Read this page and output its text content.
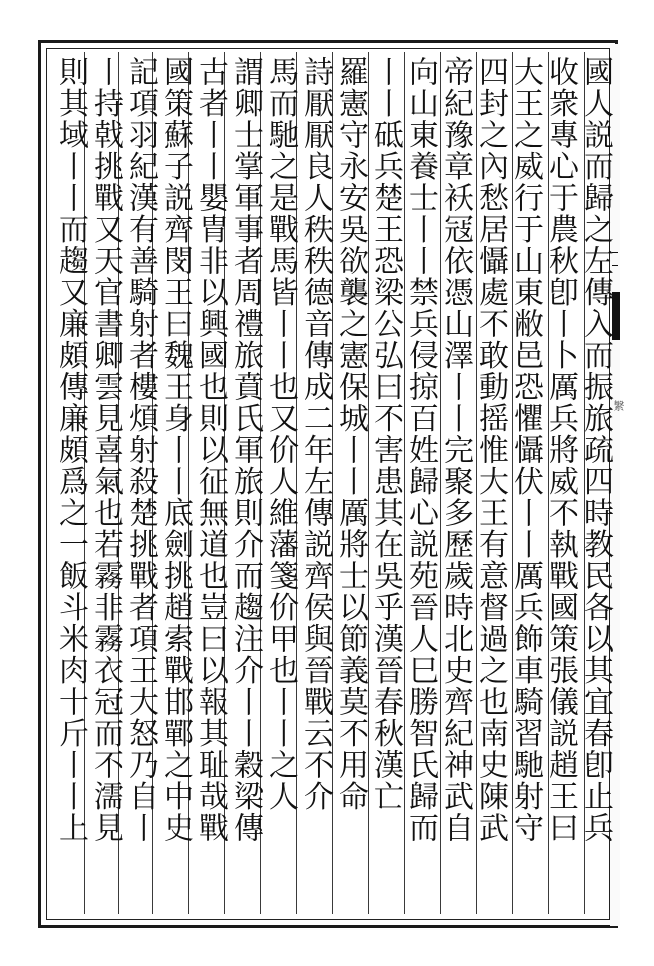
國人説而歸之左傳入而振旅疏四時教民各以其宜春卽止兵
收衆專心于農秋卽丨卜厲兵將威不執戰國策張儀説趙王曰
大王之威行于山東敝邑恐懼懾伏丨丨厲兵飾車騎習馳射守
四封之內愁居懾處不敢動摇惟大王有意督過之也南史陳武
帝紀豫章袄冦依憑山澤丨丨完聚多歷歲時北史齊紀神武自
向山東養士丨丨禁兵侵掠百姓歸心説苑晉人巳勝智氏歸而
丨丨砥兵楚王恐梁公弘曰不害患其在吳乎漢晉春秋漢亡
羅憲守永安吳欲襲之憲保城丨丨厲將士以節義莫不用命
詩厭厭良人秩秩德音傳成二年左傳説齊侯與晉戰云不介
馬而馳之是戰馬皆丨丨也又价人維藩箋价甲也丨丨之人
謂卿士掌軍事者周禮旅賁氏軍旅則介而趨注介丨丨穀梁傳
古者丨丨嬰胄非以興國也則以征無道也豈曰以報其耻哉戰
國策蘇子説齊閔王曰魏王身丨丨底劍挑趙索戰邯鄲之中史
記項羽紀漢有善騎射者樓煩射殺楚挑戰者項王大怒乃自丨
丨持戟挑戰又天官書卿雲見喜氣也若霧非霧衣冠而不濡見
則其域丨丨而趨又廉頗傳廉頗爲之一飯斗米肉十斤丨丨上	䌓
